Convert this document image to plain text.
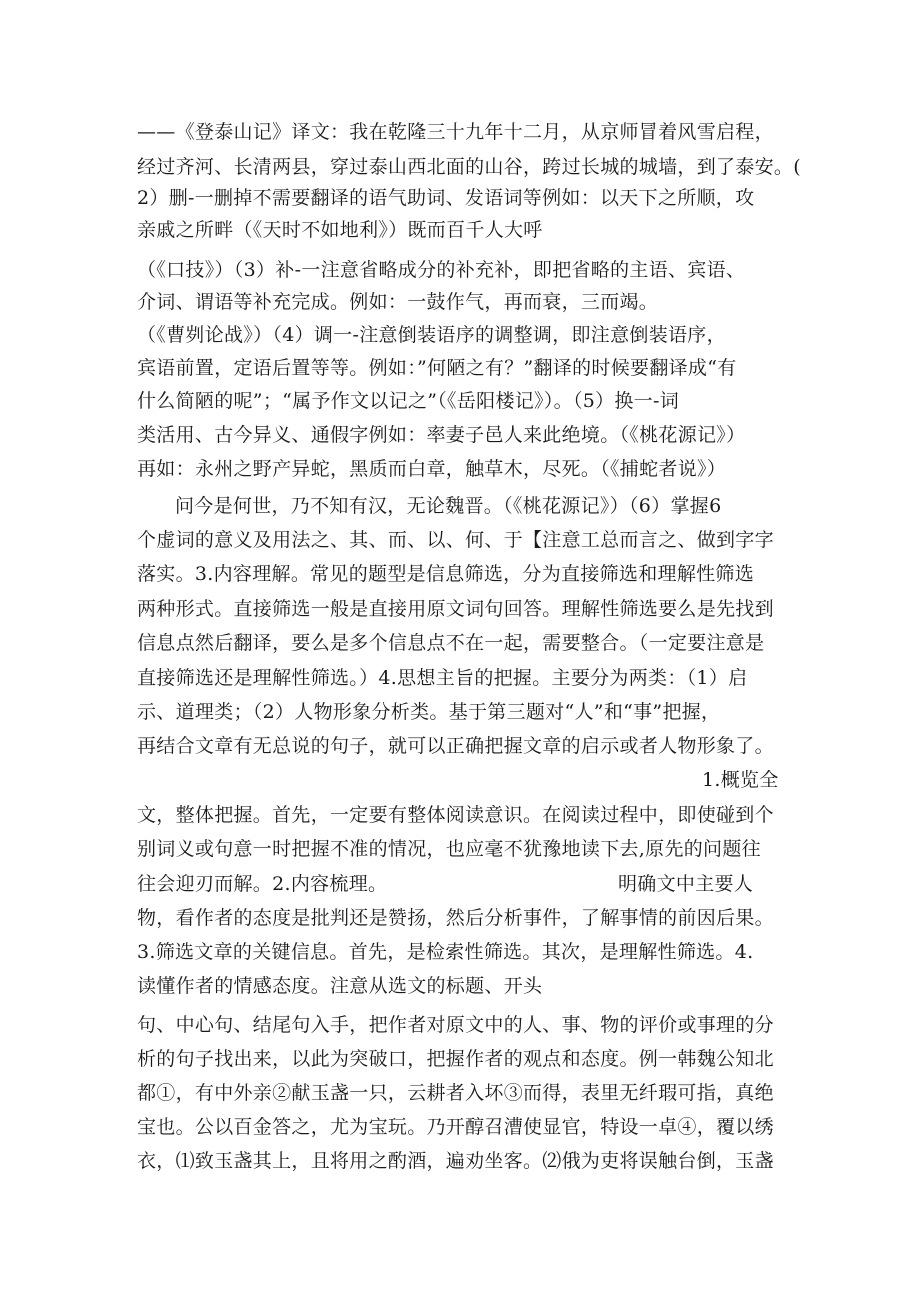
——《登泰山记》译文：我在乾隆三十九年十二月，从京师冒着风雪启程，
经过齐河、长清两县，穿过泰山西北面的山谷，跨过长城的城墙，到了泰安。(
2）删-一删掉不需要翻译的语气助词、发语词等例如：以天下之所顺，攻
亲戚之所畔（《天时不如地利》）既而百千人大呼
（《口技》）（3）补-一注意省略成分的补充补，即把省略的主语、宾语、
介词、谓语等补充完成。例如：一鼓作气，再而衰，三而竭。
（《曹刿论战》）（4）调一-注意倒装语序的调整调，即注意倒装语序，
宾语前置，定语后置等等。例如：”何陋之有？”翻译的时候要翻译成“有
什么简陋的呢”；“属予作文以记之”（《岳阳楼记》）。（5）换一-词
类活用、古今异义、通假字例如：率妻子邑人来此绝境。（《桃花源记》）
再如：永州之野产异蛇，黑质而白章，触草木，尽死。（《捕蛇者说》）
问今是何世，乃不知有汉，无论魏晋。（《桃花源记》）（6）掌握6
个虚词的意义及用法之、其、而、以、何、于【注意工总而言之、做到字字
落实。3.内容理解。常见的题型是信息筛选，分为直接筛选和理解性筛选
两种形式。直接筛选一般是直接用原文词句回答。理解性筛选要么是先找到
信息点然后翻译，要么是多个信息点不在一起，需要整合。（一定要注意是
直接筛选还是理解性筛选。）4.思想主旨的把握。主要分为两类：（1）启
示、道理类；（2）人物形象分析类。基于第三题对“人”和“事”把握，
再结合文章有无总说的句子，就可以正确把握文章的启示或者人物形象了。
1.概览全
文，整体把握。首先，一定要有整体阅读意识。在阅读过程中，即使碰到个
别词义或句意一时把握不准的情况，也应毫不犹豫地读下去,原先的问题往
往会迎刃而解。2.内容梳理。	明确文中主要人
物，看作者的态度是批判还是赞扬，然后分析事件，了解事情的前因后果。
3.筛选文章的关键信息。首先，是检索性筛选。其次，是理解性筛选。4.
读懂作者的情感态度。注意从选文的标题、开头
句、中心句、结尾句入手，把作者对原文中的人、事、物的评价或事理的分
析的句子找出来，以此为突破口，把握作者的观点和态度。例一韩魏公知北
都①，有中外亲②献玉盏一只，云耕者入坏③而得，表里无纤瑕可指，真绝
宝也。公以百金答之，尤为宝玩。乃开醇召漕使显官，特设一卓④，覆以绣
衣，⑴致玉盏其上，且将用之酌酒，遍劝坐客。⑵俄为吏将误触台倒，玉盏
